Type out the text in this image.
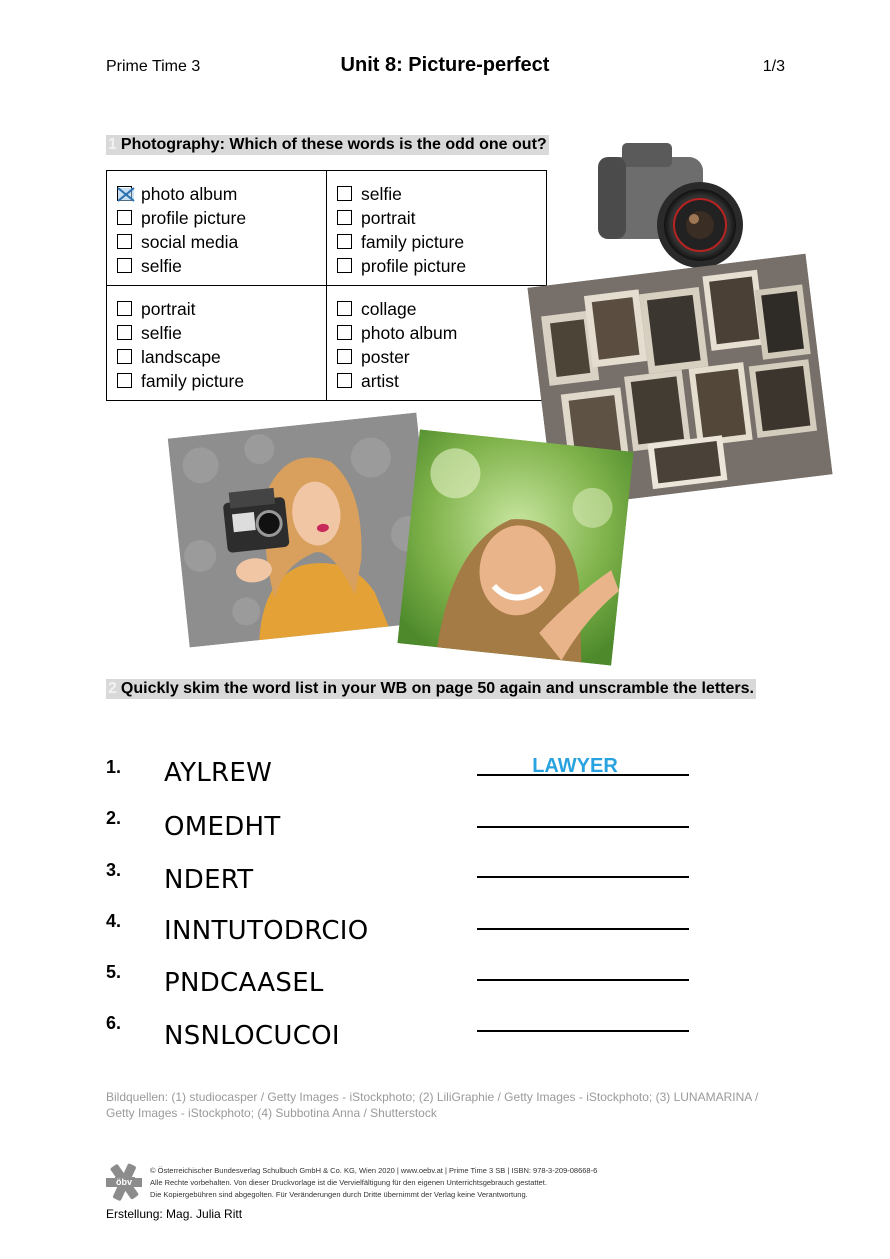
Prime Time 3	Unit 8: Picture-perfect	1/3
1 Photography: Which of these words is the odd one out?
photo album
profile picture
social media
selfie
selfie
portrait
family picture
profile picture
portrait
selfie
landscape
family picture
collage
photo album
poster
artist
2 Quickly skim the word list in your WB on page 50 again and unscramble the letters.
1. AYLREW	LAWYER
2. OMEDHT
3. NDERT
4. INNTUTODRCIO
5. PNDCAASEL
6. NSNLOCUCOI
Bildquellen: (1) studiocasper / Getty Images - iStockphoto; (2) LiliGraphie / Getty Images - iStockphoto; (3) LUNAMARINA / Getty Images - iStockphoto; (4) Subbotina Anna / Shutterstock
öbv
© Österreichischer Bundesverlag Schulbuch GmbH & Co. KG, Wien 2020 | www.oebv.at | Prime Time 3 SB | ISBN: 978-3-209-08668-6
Alle Rechte vorbehalten. Von dieser Druckvorlage ist die Vervielfältigung für den eigenen Unterrichtsgebrauch gestattet.
Die Kopiergebühren sind abgegolten. Für Veränderungen durch Dritte übernimmt der Verlag keine Verantwortung.
Erstellung: Mag. Julia Ritt
